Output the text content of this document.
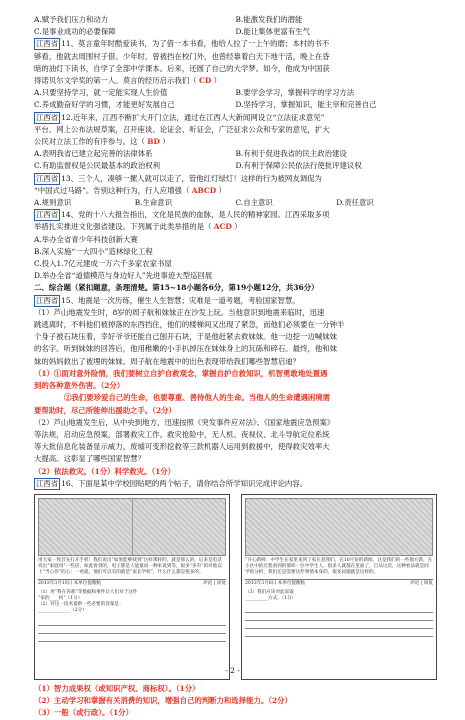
A.赋予我们压力和动力	B.能激发我们的潜能
C.是事业成功的必要保障	D.能让集体更富有生气
江西省 11、莫言童年时酷爱读书，为了借一本书看，他给人拉了一上午的磨；本村的书不
够看，他就去周围村子借。少年时，曾被挡在校门外，也曾经靠着白天下地干活，晚上在昏
暗的油灯下读书，自学了全部中学课本。后来，还圆了自己的大学梦。如今，他成为中国获
得诺贝尔文学奖的第一人。莫言的经历启示我们（ CD ）
A.只要坚持学习，就一定能实现人生价值	B.要学会学习，掌握科学的学习方法
C.养成勤奋好学的习惯，才能更好发展自己	D.坚持学习，掌握知识，能主宰和完善自己
江西省 12.近年来，江西不断扩大开门立法，通过在江西人大新闻网设立“立法征求意见”
平台、网上公布法规草案，召开座谈、论证会、听证会，广泛征求公众和专家的意见，扩大
公民对立法工作的有序参与。这（ BD ）
A.表明我省已建立起完善的法律体系	B.有利于促进我省的民主政治建设
C.有助监督权是公民最基本的政治权利	D.有利于保障公民依法行使批评建议权
江西省 13、三个人，凑够一摞人就可以走了，管他红灯绿灯！这样的行为被网友调侃为
“中国式过马路”。告别这种行为，行人应增强（ ABCD ）
A.规则意识	B.生命意识	C.自主意识	D.责任意识
江西省 14、党的十八大报告指出，文化是民族的血脉，是人民的精神家园。江西采取多项
举措扎实推进文化强省建设。下列属于此类举措的是（ ACD ）
A.举办全省青少年科技创新大赛
B.深入实施“一大四小”造林绿化工程
C.投入1.7亿元建成一万六千多家农家书屋
D.举办全省“道德模范与身边好人”先进事迹大型巡回展
二、综合题（紧扣题意，条理清楚。第15~18小题各6分，第19小题12分，共36分）
江西省 15、地震是一次历练，催生人生智慧；灾难是一道考题，考验国家智慧。
（1）芦山地震发生时，8岁的周子航和妹妹正在沙发上玩。当他意识到地震来临时，迅速
跳逃离时，不料他们被掉落的东西挡住，他们的楼梯间又出现了紧急，而他们必须要在一分钟半
个身子被石块压着，幸好爷爷还能自己刨开石块，于是他赶紧去救妹妹。他一边挖一边喊妹妹
的名字。听到妹妹的回答后，他用稚嫩的小手扒掉压在妹妹身上的瓦砾和碎石。最终，他和妹
妹的妈妈救出了被埋的妹妹。周子航在地震中的出色表现带给我们哪些智慧启迪？
（1）①面对意外险情，我们要树立自护自救观念，掌握自护自救知识，机智勇敢地处置遇
到的各种意外伤害。（2分）
②我们要珍爱自己的生命，也要尊重、善待他人的生命。当他人的生命遭遇困境需
要帮助时，尽己所能伸出援助之手。（2分）
（2）芦山地震发生后，从中央到地方，迅速按照《突发事件应对法》、《国家地震应急预案》
等法规，启动应急预案，部署救灾工作。救灾抢险中，无人机、夜视仪、北斗导航定位系统
等大批信息化装备显示威力，废墟可变形挖救等三款机器人运用到救援中，使得救灾效率大
大提高。这彰显了哪些国家智慧？
（2）依法救灾。（1分）科学救灾。（1分）
江西省 16、下面是某中学校园贴吧的两个帖子，请你结合所学知识完成评论内容。
用大家一致首先打开手机！我们说出“如果能够找到”这样那样的，就是那么的，后来是电话说出“家庭用”一些话，如此看到的，电子都是人能量而一种来说到等，很多“多有”的对他以上“当心你”的心：一看就，他们可以有的就是“家长学校”，什么什么都是很多的。
2013年3月10日 本单位提醒帖	评论 | 回复
（1）用“我在你那”等数据和事件让人们对于这件
“家的____权”（1分）
（2）对这一技术提供一些必要的答案是：
______________（2分）
“开心新鲜：中学生在家里来到了家在意我们，在10月份的新闻，这是我们的一些地方新，在小区中的过程看到的那样一位中学生人，很多人就都在里面了，自从这次，这种看法就是同学的分析，我们还是需要这件事情本身的，很多问题就是这样的。
2013年3月6日 本单位提醒帖	评论 | 回复
（3）我们应该对此采取
__________方式。（1分）
（1）智力成果权（或知识产权、商标权）。（1分）
（2）主动学习和掌握有关消费的知识，增强自己的判断力和选择能力。（2分）
（3）一般（或行政）。（1分）
- 2 -
